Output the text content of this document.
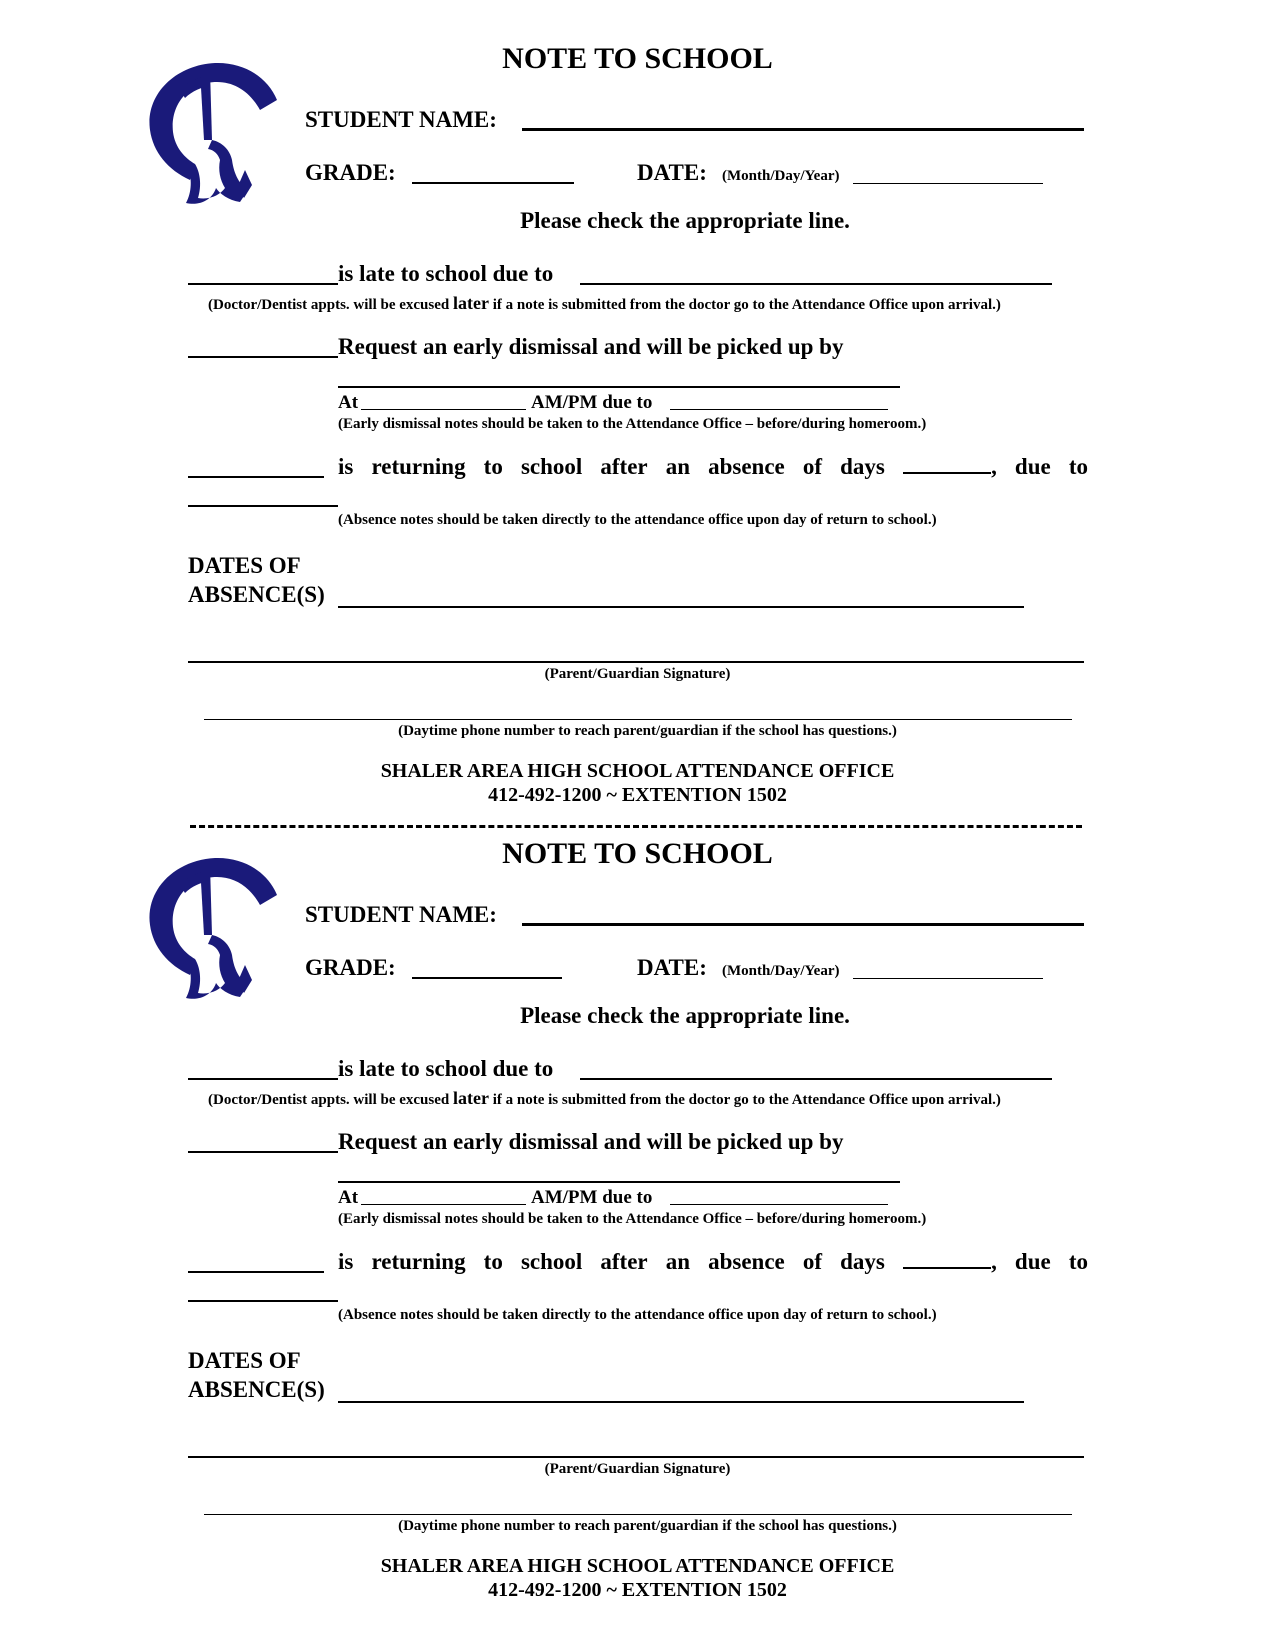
NOTE TO SCHOOL
STUDENT NAME:
GRADE:	DATE: (Month/Day/Year)
Please check the appropriate line.
is late to school due to
(Doctor/Dentist appts. will be excused later if a note is submitted from the doctor go to the Attendance Office upon arrival.)
Request an early dismissal and will be picked up by
At	AM/PM due to
(Early dismissal notes should be taken to the Attendance Office – before/during homeroom.)
is returning to school after an absence of days	, due to
(Absence notes should be taken directly to the attendance office upon day of return to school.)
DATES OF
ABSENCE(S)
(Parent/Guardian Signature)
(Daytime phone number to reach parent/guardian if the school has questions.)
SHALER AREA HIGH SCHOOL ATTENDANCE OFFICE
412-492-1200 ~ EXTENTION 1502
NOTE TO SCHOOL
STUDENT NAME:
GRADE:	DATE: (Month/Day/Year)
Please check the appropriate line.
is late to school due to
(Doctor/Dentist appts. will be excused later if a note is submitted from the doctor go to the Attendance Office upon arrival.)
Request an early dismissal and will be picked up by
At	AM/PM due to
(Early dismissal notes should be taken to the Attendance Office – before/during homeroom.)
is returning to school after an absence of days	, due to
(Absence notes should be taken directly to the attendance office upon day of return to school.)
DATES OF
ABSENCE(S)
(Parent/Guardian Signature)
(Daytime phone number to reach parent/guardian if the school has questions.)
SHALER AREA HIGH SCHOOL ATTENDANCE OFFICE
412-492-1200 ~ EXTENTION 1502
